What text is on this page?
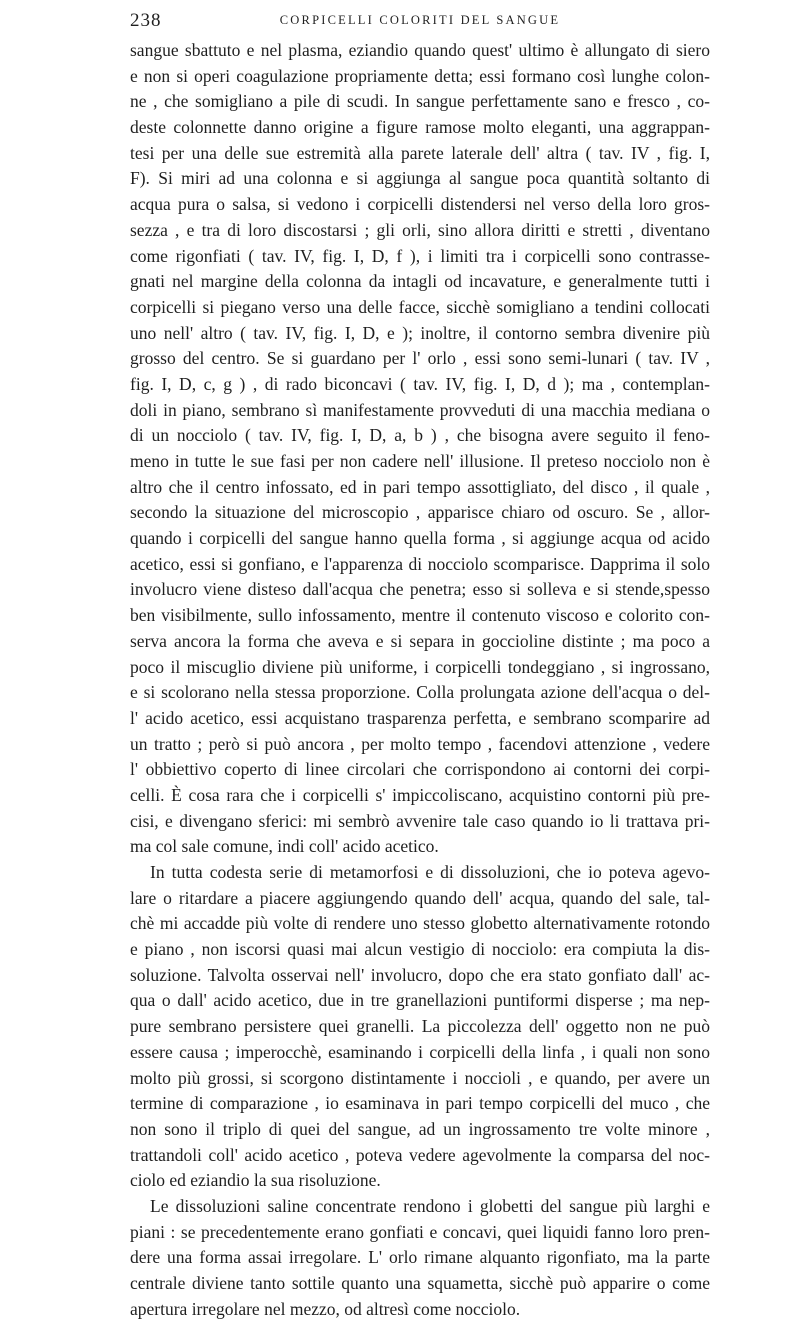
238	CORPICELLI COLORITI DEL SANGUE
sangue sbattuto e nel plasma, eziandio quando quest' ultimo è allungato di siero
e non si operi coagulazione propriamente detta; essi formano così lunghe colon-
ne , che somigliano a pile di scudi. In sangue perfettamente sano e fresco , co-
deste colonnette danno origine a figure ramose molto eleganti, una aggrappan-
tesi per una delle sue estremità alla parete laterale dell' altra ( tav. IV , fig. I,
F). Si miri ad una colonna e si aggiunga al sangue poca quantità soltanto di
acqua pura o salsa, si vedono i corpicelli distendersi nel verso della loro gros-
sezza , e tra di loro discostarsi ; gli orli, sino allora diritti e stretti , diventano
come rigonfiati ( tav. IV, fig. I, D, f ), i limiti tra i corpicelli sono contrasse-
gnati nel margine della colonna da intagli od incavature, e generalmente tutti i
corpicelli si piegano verso una delle facce, sicchè somigliano a tendini collocati
uno nell' altro ( tav. IV, fig. I, D, e ); inoltre, il contorno sembra divenire più
grosso del centro. Se si guardano per l' orlo , essi sono semi-lunari ( tav. IV ,
fig. I, D, c, g ) , di rado biconcavi ( tav. IV, fig. I, D, d ); ma , contemplan-
doli in piano, sembrano sì manifestamente provveduti di una macchia mediana o
di un nocciolo ( tav. IV, fig. I, D, a, b ) , che bisogna avere seguito il feno-
meno in tutte le sue fasi per non cadere nell' illusione. Il preteso nocciolo non è
altro che il centro infossato, ed in pari tempo assottigliato, del disco , il quale ,
secondo la situazione del microscopio , apparisce chiaro od oscuro. Se , allor-
quando i corpicelli del sangue hanno quella forma , si aggiunge acqua od acido
acetico, essi si gonfiano, e l'apparenza di nocciolo scomparisce. Dapprima il solo
involucro viene disteso dall'acqua che penetra; esso si solleva e si stende,spesso
ben visibilmente, sullo infossamento, mentre il contenuto viscoso e colorito con-
serva ancora la forma che aveva e si separa in goccioline distinte ; ma poco a
poco il miscuglio diviene più uniforme, i corpicelli tondeggiano , si ingrossano,
e si scolorano nella stessa proporzione. Colla prolungata azione dell'acqua o del-
l' acido acetico, essi acquistano trasparenza perfetta, e sembrano scomparire ad
un tratto ; però si può ancora , per molto tempo , facendovi attenzione , vedere
l' obbiettivo coperto di linee circolari che corrispondono ai contorni dei corpi-
celli. È cosa rara che i corpicelli s' impiccoliscano, acquistino contorni più pre-
cisi, e divengano sferici: mi sembrò avvenire tale caso quando io li trattava pri-
ma col sale comune, indi coll' acido acetico.
In tutta codesta serie di metamorfosi e di dissoluzioni, che io poteva agevo-
lare o ritardare a piacere aggiungendo quando dell' acqua, quando del sale, tal-
chè mi accadde più volte di rendere uno stesso globetto alternativamente rotondo
e piano , non iscorsi quasi mai alcun vestigio di nocciolo: era compiuta la dis-
soluzione. Talvolta osservai nell' involucro, dopo che era stato gonfiato dall' ac-
qua o dall' acido acetico, due in tre granellazioni puntiformi disperse ; ma nep-
pure sembrano persistere quei granelli. La piccolezza dell' oggetto non ne può
essere causa ; imperocchè, esaminando i corpicelli della linfa , i quali non sono
molto più grossi, si scorgono distintamente i noccioli , e quando, per avere un
termine di comparazione , io esaminava in pari tempo corpicelli del muco , che
non sono il triplo di quei del sangue, ad un ingrossamento tre volte minore ,
trattandoli coll' acido acetico , poteva vedere agevolmente la comparsa del noc-
ciolo ed eziandio la sua risoluzione.
Le dissoluzioni saline concentrate rendono i globetti del sangue più larghi e
piani : se precedentemente erano gonfiati e concavi, quei liquidi fanno loro pren-
dere una forma assai irregolare. L' orlo rimane alquanto rigonfiato, ma la parte
centrale diviene tanto sottile quanto una squametta, sicchè può apparire o come
apertura irregolare nel mezzo, od altresì come nocciolo.
